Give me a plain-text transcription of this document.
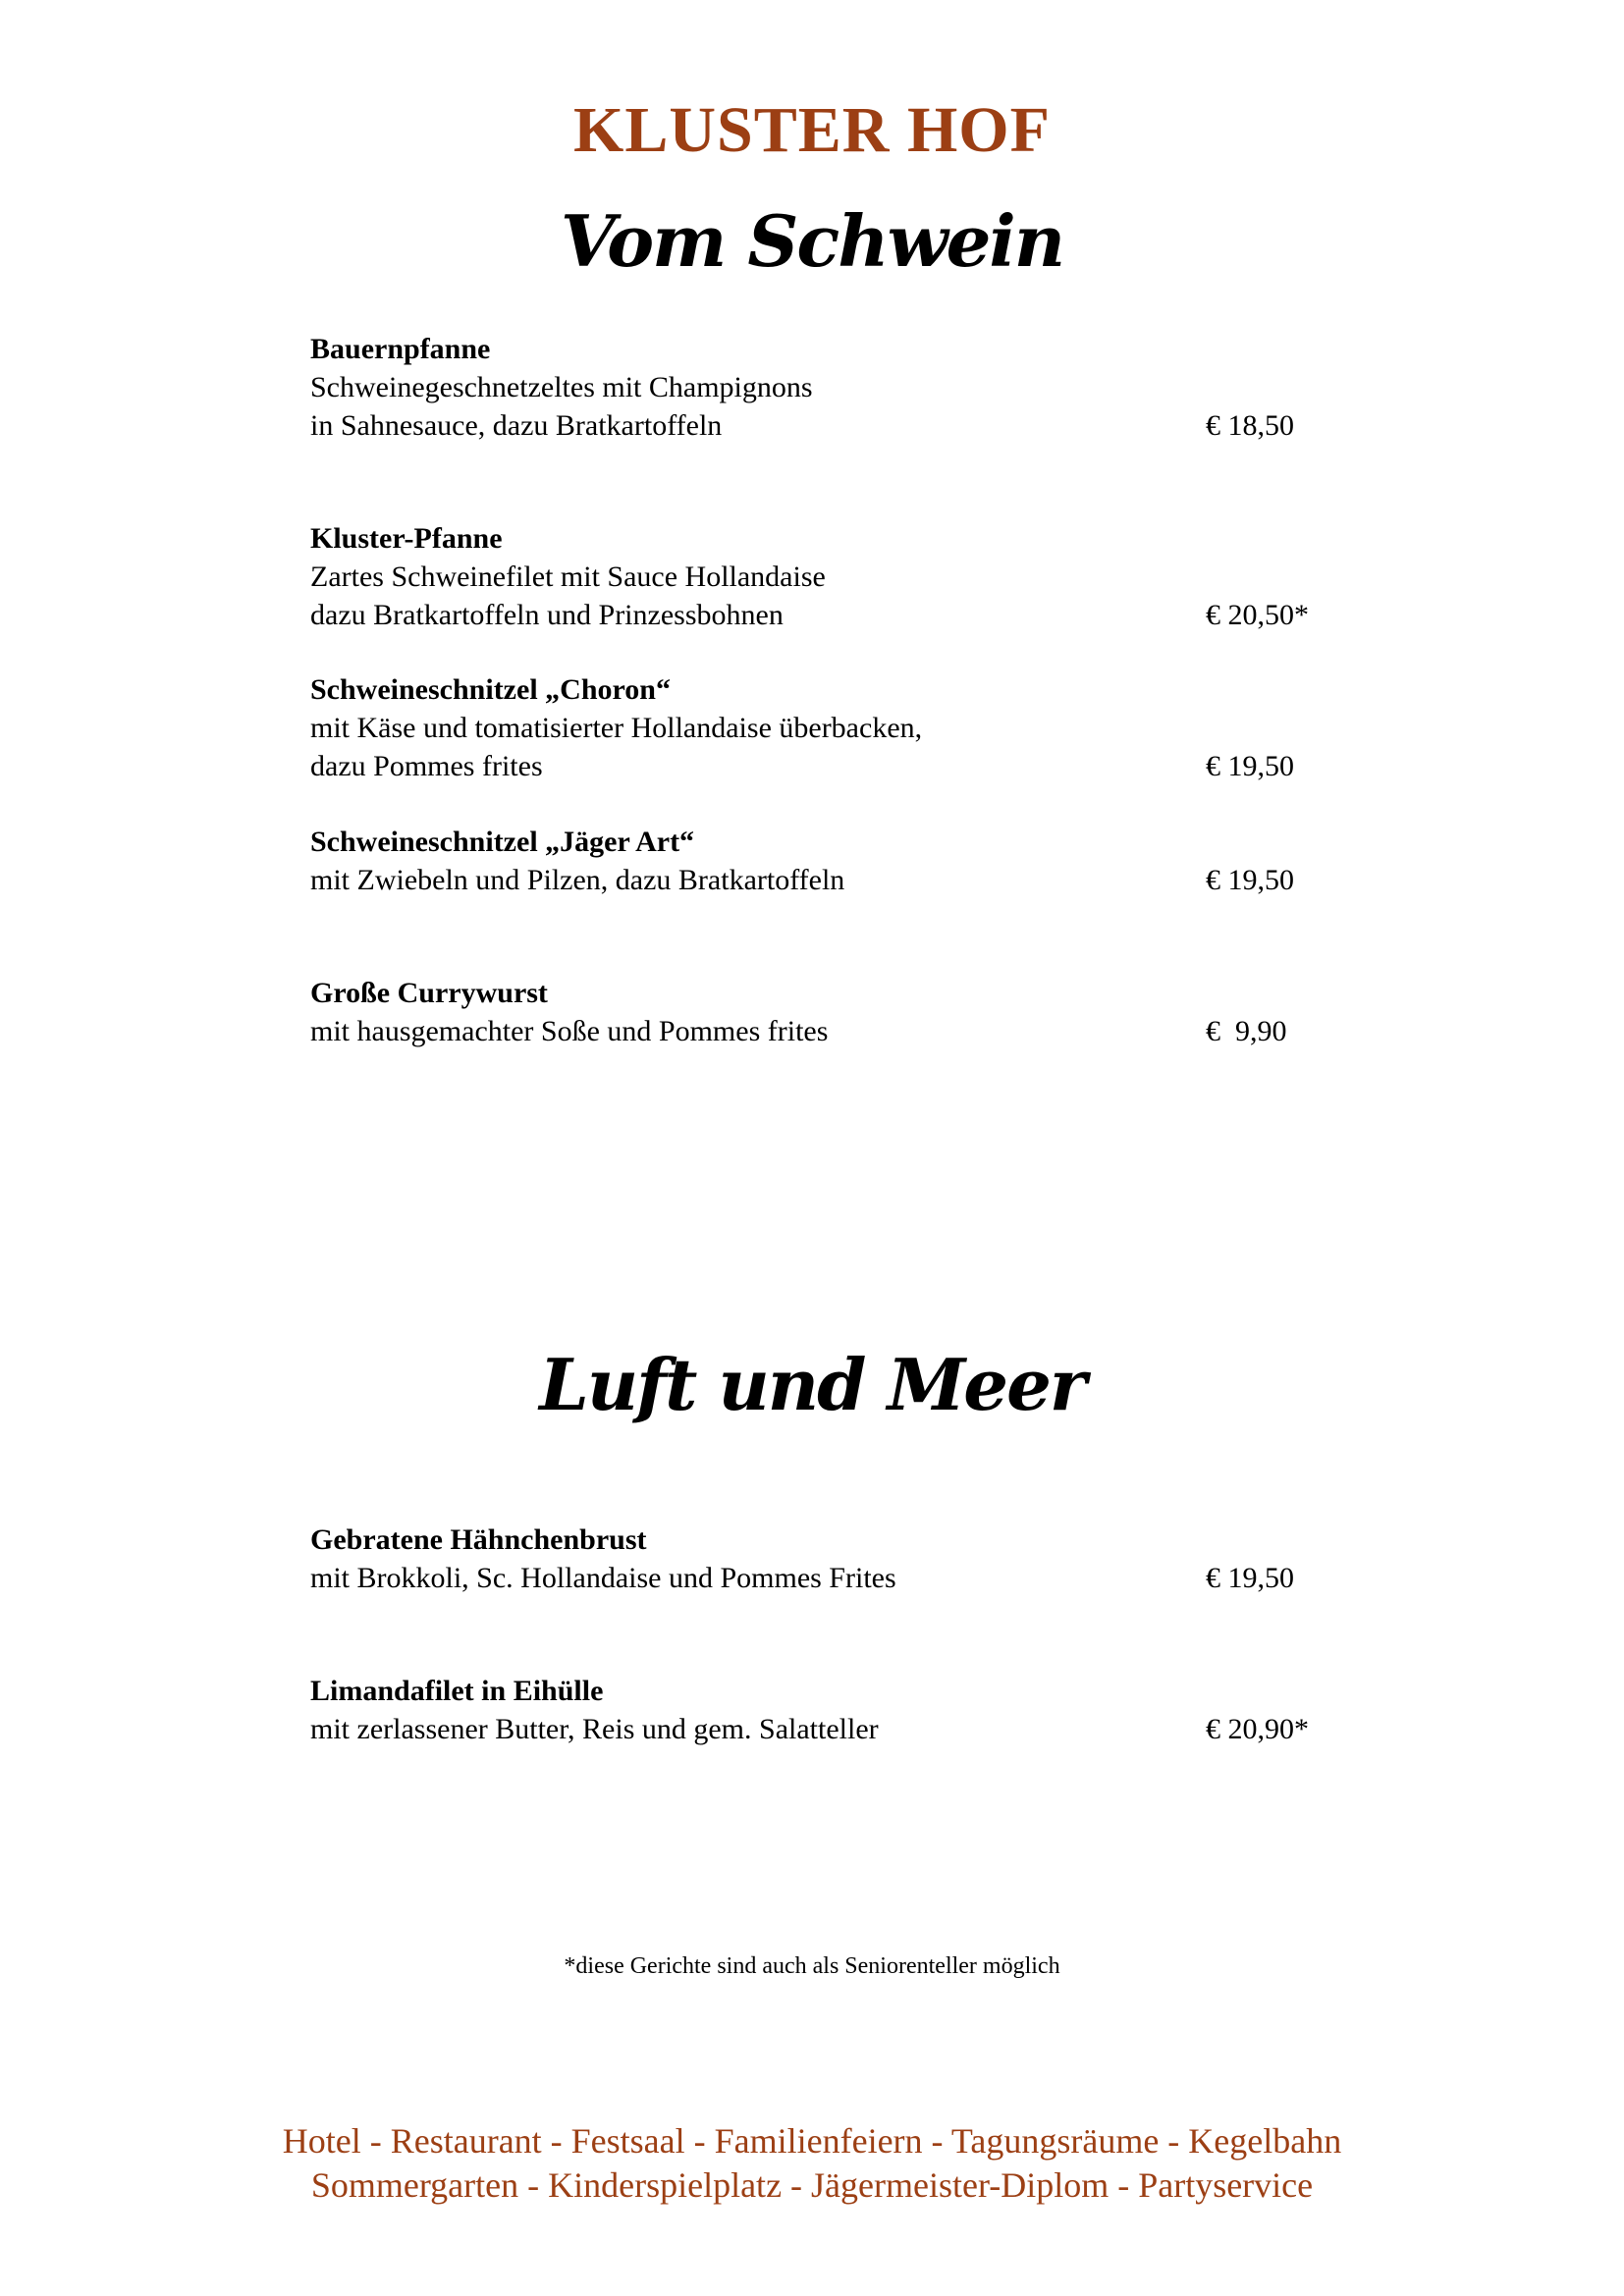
KLUSTER HOF
Vom Schwein
Bauernpfanne
Schweinegeschnetzeltes mit Champignons
in Sahnesauce, dazu Bratkartoffeln	€ 18,50
Kluster-Pfanne
Zartes Schweinefilet mit Sauce Hollandaise
dazu Bratkartoffeln und Prinzessbohnen	€ 20,50*
Schweineschnitzel „Choron“
mit Käse und tomatisierter Hollandaise überbacken,
dazu Pommes frites	€ 19,50
Schweineschnitzel „Jäger Art“
mit Zwiebeln und Pilzen, dazu Bratkartoffeln	€ 19,50
Große Currywurst
mit hausgemachter Soße und Pommes frites	€  9,90
Luft und Meer
Gebratene Hähnchenbrust
mit Brokkoli, Sc. Hollandaise und Pommes Frites	€ 19,50
Limandafilet in Eihülle
mit zerlassener Butter, Reis und gem. Salatteller	€ 20,90*
*diese Gerichte sind auch als Seniorenteller möglich
Hotel - Restaurant - Festsaal - Familienfeiern - Tagungsräume - Kegelbahn
Sommergarten - Kinderspielplatz - Jägermeister-Diplom - Partyservice
